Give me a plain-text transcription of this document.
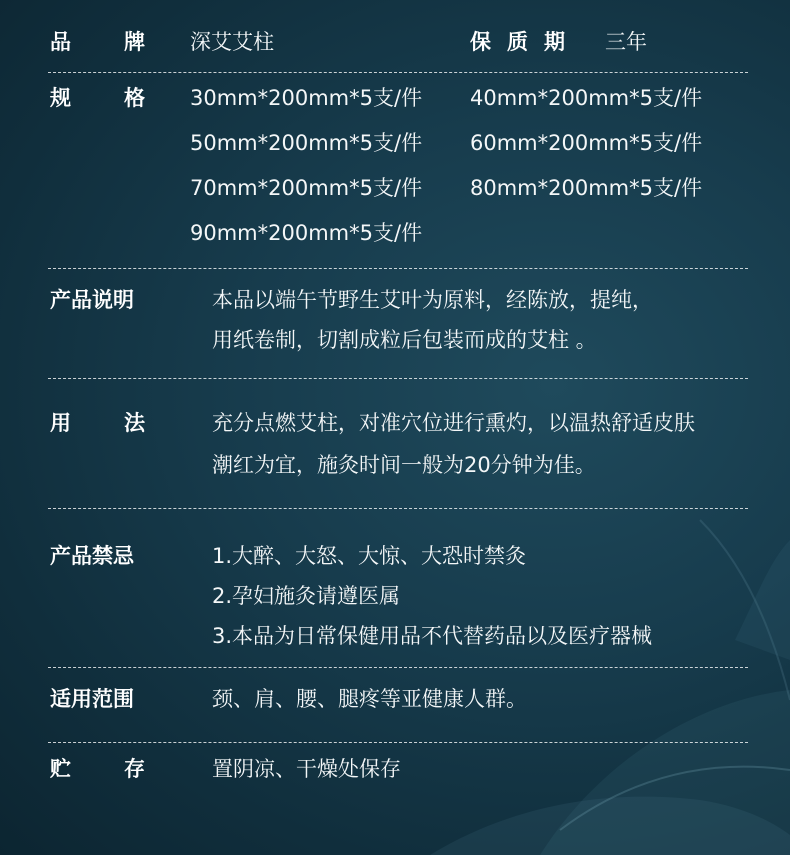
品	牌 深艾艾柱	保 质 期 三年
规	格 30mm*200mm*5支/件 40mm*200mm*5支/件
50mm*200mm*5支/件 60mm*200mm*5支/件
70mm*200mm*5支/件 80mm*200mm*5支/件
90mm*200mm*5支/件
产品说明	本品以端午节野生艾叶为原料，经陈放，提纯，
用纸卷制，切割成粒后包装而成的艾柱 。
用	法	充分点燃艾柱，对准穴位进行熏灼，以温热舒适皮肤
潮红为宜，施灸时间一般为20分钟为佳。
产品禁忌	1.大醉、大怒、大惊、大恐时禁灸
2.孕妇施灸请遵医属
3.本品为日常保健用品不代替药品以及医疗器械
适用范围	颈、肩、腰、腿疼等亚健康人群。
贮	存	置阴凉、干燥处保存
